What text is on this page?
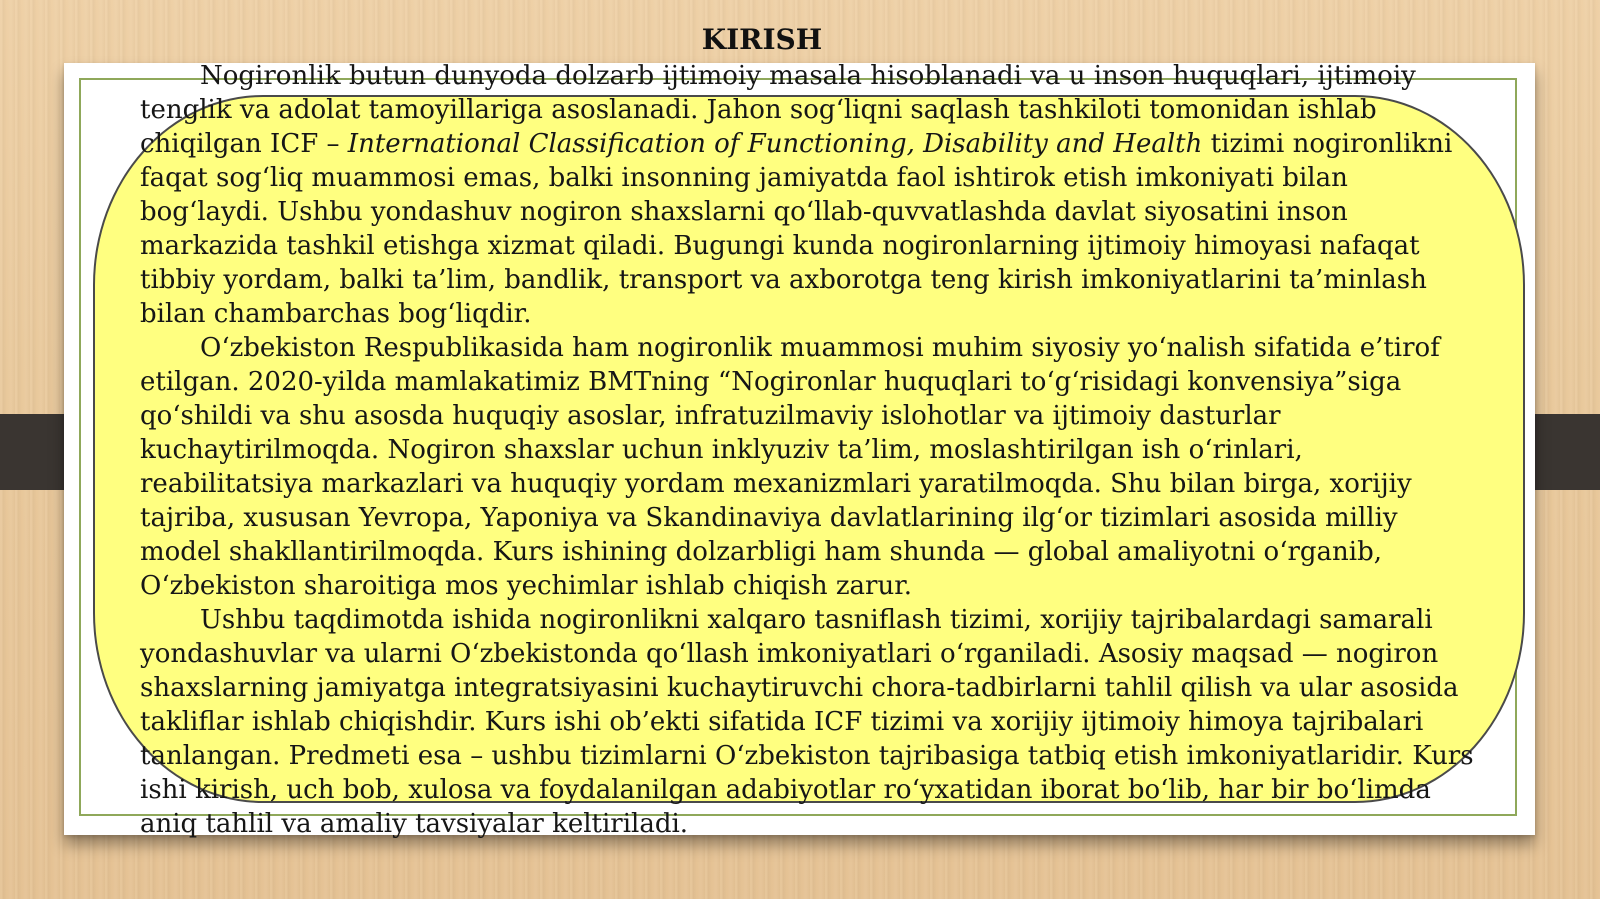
KIRISH

Nogironlik butun dunyoda dolzarb ijtimoiy masala hisoblanadi va u inson huquqlari, ijtimoiy tenglik va adolat tamoyillariga asoslanadi. Jahon sog‘liqni saqlash tashkiloti tomonidan ishlab chiqilgan ICF – International Classification of Functioning, Disability and Health tizimi nogironlikni faqat sog‘liq muammosi emas, balki insonning jamiyatda faol ishtirok etish imkoniyati bilan bog‘laydi. Ushbu yondashuv nogiron shaxslarni qo‘llab-quvvatlashda davlat siyosatini inson markazida tashkil etishga xizmat qiladi. Bugungi kunda nogironlarning ijtimoiy himoyasi nafaqat tibbiy yordam, balki ta’lim, bandlik, transport va axborotga teng kirish imkoniyatlarini ta’minlash bilan chambarchas bog‘liqdir.

O‘zbekiston Respublikasida ham nogironlik muammosi muhim siyosiy yo‘nalish sifatida e’tirof etilgan. 2020-yilda mamlakatimiz BMTning “Nogironlar huquqlari to‘g‘risidagi konvensiya”siga qo‘shildi va shu asosda huquqiy asoslar, infratuzilmaviy islohotlar va ijtimoiy dasturlar kuchaytirilmoqda. Nogiron shaxslar uchun inklyuziv ta’lim, moslashtirilgan ish o‘rinlari, reabilitatsiya markazlari va huquqiy yordam mexanizmlari yaratilmoqda. Shu bilan birga, xorijiy tajriba, xususan Yevropa, Yaponiya va Skandinaviya davlatlarining ilg‘or tizimlari asosida milliy model shakllantirilmoqda. Kurs ishining dolzarbligi ham shunda — global amaliyotni o‘rganib, O‘zbekiston sharoitiga mos yechimlar ishlab chiqish zarur.

Ushbu taqdimotda ishida nogironlikni xalqaro tasniflash tizimi, xorijiy tajribalardagi samarali yondashuvlar va ularni O‘zbekistonda qo‘llash imkoniyatlari o‘rganiladi. Asosiy maqsad — nogiron shaxslarning jamiyatga integratsiyasini kuchaytiruvchi chora-tadbirlarni tahlil qilish va ular asosida takliflar ishlab chiqishdir. Kurs ishi ob’ekti sifatida ICF tizimi va xorijiy ijtimoiy himoya tajribalari tanlangan. Predmeti esa – ushbu tizimlarni O‘zbekiston tajribasiga tatbiq etish imkoniyatlaridir. Kurs ishi kirish, uch bob, xulosa va foydalanilgan adabiyotlar ro‘yxatidan iborat bo‘lib, har bir bo‘limda aniq tahlil va amaliy tavsiyalar keltiriladi.
